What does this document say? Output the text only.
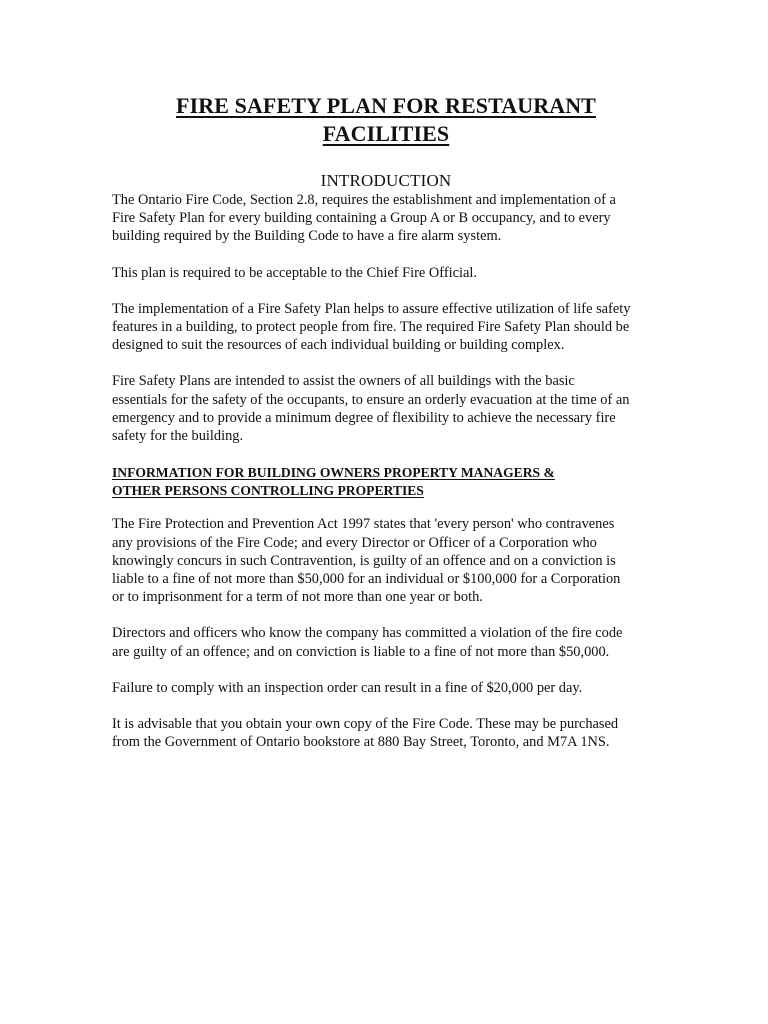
FIRE SAFETY PLAN FOR RESTAURANT
FACILITIES
INTRODUCTION

The Ontario Fire Code, Section 2.8, requires the establishment and implementation of a
Fire Safety Plan for every building containing a Group A or B occupancy, and to every
building required by the Building Code to have a fire alarm system.

This plan is required to be acceptable to the Chief Fire Official.

The implementation of a Fire Safety Plan helps to assure effective utilization of life safety
features in a building, to protect people from fire. The required Fire Safety Plan should be
designed to suit the resources of each individual building or building complex.

Fire Safety Plans are intended to assist the owners of all buildings with the basic
essentials for the safety of the occupants, to ensure an orderly evacuation at the time of an
emergency and to provide a minimum degree of flexibility to achieve the necessary fire
safety for the building.

INFORMATION FOR BUILDING OWNERS PROPERTY MANAGERS &
OTHER PERSONS CONTROLLING PROPERTIES

The Fire Protection and Prevention Act 1997 states that 'every person' who contravenes
any provisions of the Fire Code; and every Director or Officer of a Corporation who
knowingly concurs in such Contravention, is guilty of an offence and on a conviction is
liable to a fine of not more than $50,000 for an individual or $100,000 for a Corporation
or to imprisonment for a term of not more than one year or both.

Directors and officers who know the company has committed a violation of the fire code
are guilty of an offence; and on conviction is liable to a fine of not more than $50,000.

Failure to comply with an inspection order can result in a fine of $20,000 per day.

It is advisable that you obtain your own copy of the Fire Code. These may be purchased
from the Government of Ontario bookstore at 880 Bay Street, Toronto, and M7A 1NS.
